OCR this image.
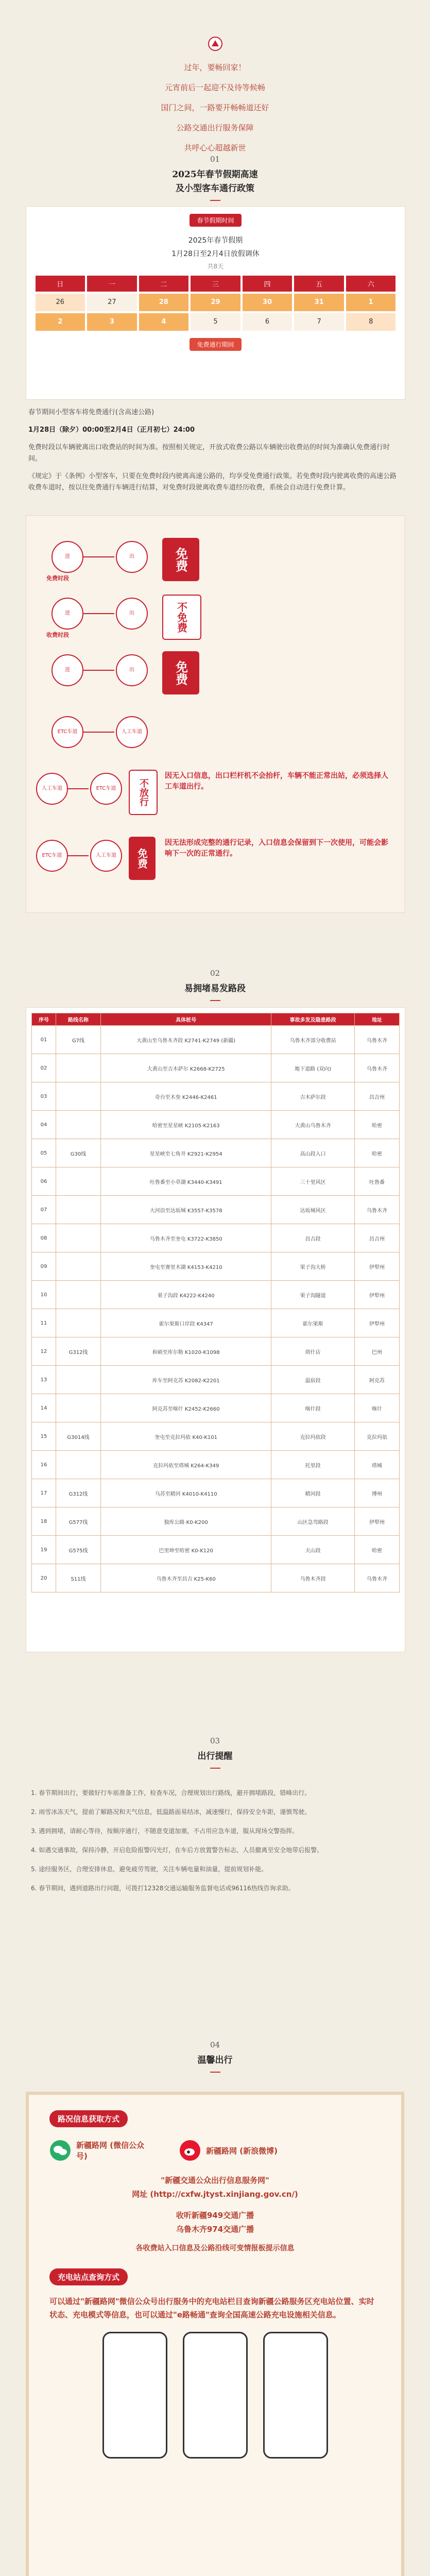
过年，要畅回家！

元宵前后一起迎不及待等候畅

国门之间，一路要开畅畅道还好

公路交通出行服务保障

共呼心心超越新世

01

2025年春节假期高速

及小型客车通行政策

春节假期时间

2025年春节假期

1月28日至2月4日放假调休

共8天

日	一	二	三	四	五	六
26	27	28	29	30	31	1
2	3	4	5	6	7	8
免费通行期间

春节期间小型客车将免费通行(含高速公路)

1月28日（除夕）00:00至2月4日（正月初七）24:00

免费时段以车辆驶离出口收费站的时间为准。按照相关规定，开放式收费公路以车辆驶出收费站的时间为准确认免费通行时间。

《规定》于《条例》小型客车，只要在免费时段内驶离高速公路的，均享受免费通行政策。若免费时段内驶离收费的高速公路收费车道时，按以往免费通行车辆进行结算，对免费时段驶离收费车道经历收费，系统会自动进行免费计算。

进	出
免费时段
免费
进	出
收费时段
不免费
进	出	免费
ETC车道	人工车道
人工车道	ETC车道	不放行
因无入口信息，出口栏杆机不会抬杆，车辆不能正常出站，必须选择人工车道出行。
ETC车道	人工车道	免费
因无法形成完整的通行记录，入口信息会保留到下一次使用，可能会影响下一次的正常通行。

02

易拥堵易发路段

序号	路线名称	具体桩号	事故多发及隐患路段	地址
01	G7线	大黄山至乌鲁木齐段 K2741-K2749 (新疆)	乌鲁木齐部分收费站	乌鲁木齐
02		大黄山至吉木萨尔 K2668-K2725	地下道路 (双向)	乌鲁木齐
03		奇台至木垒 K2446-K2461	吉木萨尔段	昌吉州
04		哈密至星星峡 K2105-K2163	大黄山乌鲁木齐	哈密
05	G30线	星星峡至七角井 K2921-K2954	高山段入口	哈密
06		吐鲁番至小草湖 K3440-K3491	三十里风区	吐鲁番
07		大河沿至达坂城 K3557-K3578	达坂城风区	乌鲁木齐
08		乌鲁木齐至奎屯 K3722-K3850	昌吉段	昌吉州
09		奎屯至赛里木湖 K4153-K4210	果子沟大桥	伊犁州
10		果子沟段 K4222-K4240	果子沟隧道	伊犁州
11		霍尔果斯口岸段 K4347	霍尔果斯	伊犁州
12	G312线	和硕至库尔勒 K1020-K1098	塔什店	巴州
13		库车至阿克苏 K2082-K2201	温宿段	阿克苏
14		阿克苏至喀什 K2452-K2660	喀什段	喀什
15	G3014线	奎屯至克拉玛依 K40-K101	克拉玛依段	克拉玛依
16		克拉玛依至塔城 K264-K349	托里段	塔城
17	G312线	乌苏至精河 K4010-K4110	精河段	博州
18	G577线	独库公路 K0-K200	山区急弯路段	伊犁州
19	G575线	巴里坤至哈密 K0-K120	天山段	哈密
20	S11线	乌鲁木齐至昌吉 K25-K60	乌鲁木齐段	乌鲁木齐

03

出行提醒

1. 春节期间出行，要做好行车前准备工作，检查车况，合理规划出行路线，避开拥堵路段，错峰出行。

2. 雨雪冰冻天气，提前了解路况和天气信息，低温路面易结冰，减速慢行，保持安全车距，谨慎驾驶。

3. 遇到拥堵，请耐心等待，按顺序通行，不随意变道加塞，不占用应急车道，服从现场交警指挥。

4. 如遇交通事故，保持冷静，开启危险报警闪光灯，在车后方放置警告标志，人员撤离至安全地带后报警。

5. 途经服务区，合理安排休息，避免疲劳驾驶，关注车辆电量和油量，提前规划补能。

6. 春节期间，遇到道路出行问题，可拨打12328交通运输服务监督电话或96116热线咨询求助。

04

温馨出行

路况信息获取方式
新疆路网 (微信公众号)
新疆路网 (新浪微博)

"新疆交通公众出行信息服务网"

网址 (http://cxfw.jtyst.xinjiang.gov.cn/)

收听新疆949交通广播

乌鲁木齐974交通广播

各收费站入口信息及公路沿线可变情报板提示信息

充电站点查询方式

可以通过"新疆路网"微信公众号出行服务中的充电站栏目查询新疆公路服务区充电站位置、实时状态、充电模式等信息，也可以通过"e路畅通"查询全国高速公路充电设施相关信息。
